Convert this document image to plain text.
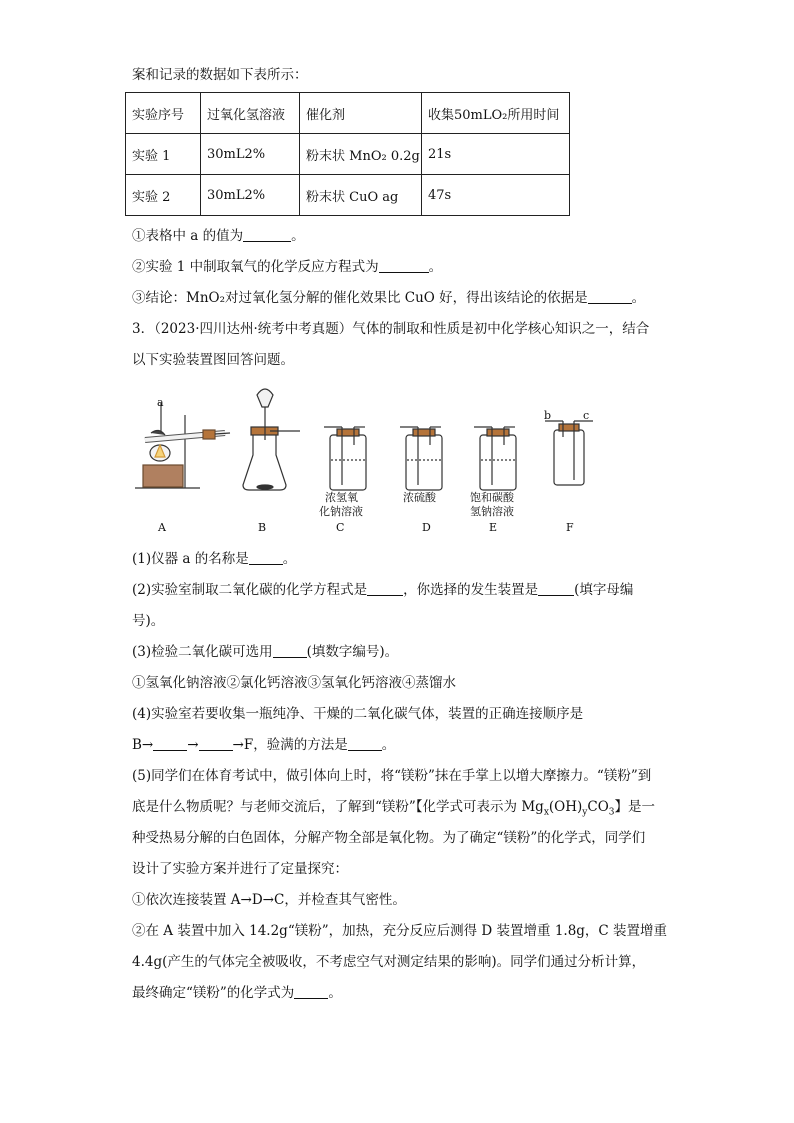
案和记录的数据如下表所示：
实验序号	过氧化氢溶液	催化剂	收集50mLO₂所用时间
实验 1	30mL2%	粉末状 MnO₂ 0.2g	21s
实验 2	30mL2%	粉末状 CuO ag	47s
①表格中 a 的值为	。
②实验 1 中制取氧气的化学反应方程式为	。
③结论：MnO₂对过氧化氢分解的催化效果比 CuO 好，得出该结论的依据是	。
3．（2023·四川达州·统考中考真题）气体的制取和性质是初中化学核心知识之一，结合
以下实验装置图回答问题。
a
b	c
浓氢氧
化钠溶液
浓硫酸	饱和碳酸
氢钠溶液
A	B	C	D	E	F
(1)仪器 a 的名称是	。
(2)实验室制取二氧化碳的化学方程式是	，你选择的发生装置是	(填字母编
号)。
(3)检验二氧化碳可选用	(填数字编号)。
①氢氧化钠溶液②氯化钙溶液③氢氧化钙溶液④蒸馏水
(4)实验室若要收集一瓶纯净、干燥的二氧化碳气体，装置的正确连接顺序是
B→	→	→F，验满的方法是	。
(5)同学们在体育考试中，做引体向上时，将“镁粉”抹在手掌上以增大摩擦力。“镁粉”到
底是什么物质呢？与老师交流后，了解到“镁粉”【化学式可表示为 $Mg_x(OH)_yCO_3$】是一
种受热易分解的白色固体，分解产物全部是氧化物。为了确定“镁粉”的化学式，同学们
设计了实验方案并进行了定量探究：
①依次连接装置 A→D→C，并检查其气密性。
②在 A 装置中加入 14.2g“镁粉”，加热，充分反应后测得 D 装置增重 1.8g，C 装置增重
4.4g(产生的气体完全被吸收，不考虑空气对测定结果的影响)。同学们通过分析计算，
最终确定“镁粉”的化学式为	。
